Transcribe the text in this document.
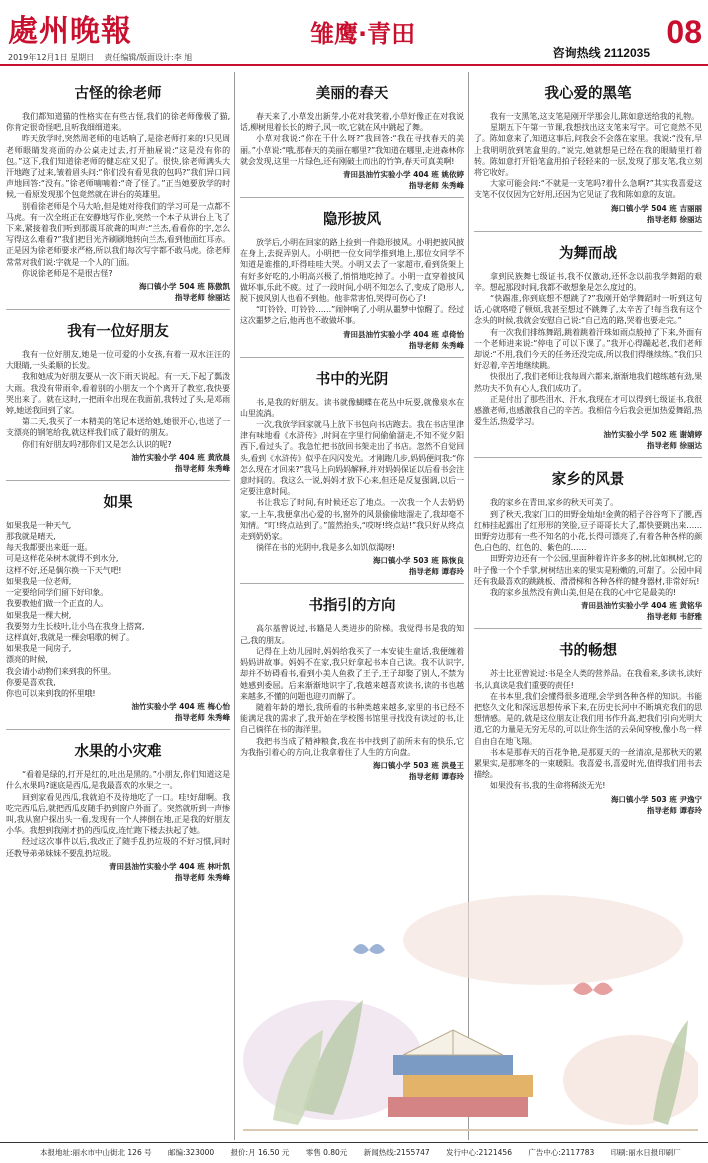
處州晚報	雏鹰·青田	08
咨询热线 2112035
2019年12月1日 星期日 责任编辑/版面设计:李 旭
古怪的徐老师

我们都知道猫的性格实在有些古怪,我们的徐老师像极了猫,你肯定很奇怪吧,且听我细细道来。

昨天放学时,突然周老师的电话响了,是徐老师打来的!只见周老师眼睛发亮面的办公桌走过去,打开抽屉说:“这是没有你的包。”这下,我们知道徐老师的健忘症又犯了。很快,徐老师满头大汗地跑了过来,皱着眉头问:“你们没有看见我的包吗?”我们异口同声地回答:“没有。”徐老师喃喃着:“奇了怪了。”正当她要放学的时候,一看原发现那个包竟然就在讲台的英雄里。

别看徐老师是个马大哈,但是她对待我们的学习可是一点都不马虎。有一次全班正在安静地写作业,突然一个本子从讲台上飞了下来,紧接着我们听到那震耳欲聋的叫声:“兰杰,看看你的字,怎么写得这么难看?”我们把目光齐刷刷地转向兰杰,看到他面红耳赤。正是因为徐老师要求严格,所以我们每次写字都不敢马虎。徐老师常常对我们说:字就是一个人的门面。

你说徐老师是不是很古怪?

海口镇小学 504 班 陈傲凯
指导老师 徐丽达
我有一位好朋友

我有一位好朋友,她是一位可爱的小女孩,有着一双水汪汪的大眼睛,一头柔顺的长发。

我和她成为好朋友要从一次下雨天说起。有一天,下起了瓢泼大雨。我没有带雨伞,看着别的小朋友一个个离开了教室,我快要哭出来了。就在这时,一把雨伞出现在我面前,我转过了头,是邓雨婷,她送我回到了家。

第二天,我买了一本精美的笔记本送给她,她很开心,也送了一支漂亮的钢笔给我,就这样我们成了最好的朋友。

你们有好朋友吗?那你们又是怎么认识的呢?

油竹实验小学 404 班 黄欣晨
指导老师 朱秀峰
如果

如果我是一种天气,

那我就是晴天,

每天我都要出来逛一逛。

可是这样花朵树木就得不到水分,

这样不好,还是偶尔换一下天气吧!

如果我是一位老师,

一定要给同学们留下好印象。

我要教他们做一个正直的人。

如果我是一棵大树,

我要努力生长枝叶,让小鸟在我身上搭窝,

这样真好,我就是一棵会唱歌的树了。

如果我是一间房子,

漂亮的时候,

我会请小动物们来到我的怀里。

你要是喜欢我,

你也可以来到我的怀里哦!

油竹实验小学 404 班 梅心怡
指导老师 朱秀峰
水果的小灾难

“看着是绿的,打开是红的,吐出是黑的。”小朋友,你们知道这是什么水果吗?谜底是西瓜,是我最喜欢的水果之一。

回到家看见西瓜,我就迫不及待地吃了一口。哇!好甜啊。我吃完西瓜后,就把西瓜皮随手扔到窗户外面了。突然就听到一声惨叫,我从窗户探出头一看,发现有一个人摔倒在地,正是我的好朋友小华。我想到我刚才扔的西瓜皮,连忙跑下楼去扶起了她。

经过这次事件以后,我改正了随手乱扔垃圾的不好习惯,同时还教导弟弟妹妹不要乱扔垃圾。

青田县油竹实验小学 404 班 林叶凯
指导老师 朱秀峰
美丽的春天

春天来了,小草发出新芽,小花对我笑着,小草好像正在对我说话,柳树甩着长长的辫子,风一吹,它就在风中跳起了舞。

小草对我说:“你在干什么呀?”我回答:“我在寻找春天的美丽。”小草说:“哦,那春天的美丽在哪里?”我知道在哪里,走进森林你就会发现,这里一片绿色,还有刚破土而出的竹笋,春天可真美啊!

青田县油竹实验小学 404 班 姚依婷
指导老师 朱秀峰
隐形披风

放学后,小明在回家的路上捡到一件隐形披风。小明把披风披在身上,去捉弄别人。小明把一位女同学推到地上,那位女同学不知道是谁推的,吓得哇哇大哭。小明又去了一家超市,看到货架上有好多好吃的,小明高兴极了,悄悄地吃掉了。小明一直穿着披风做坏事,乐此不疲。过了一段时间,小明不知怎么了,变成了隐形人,脱下披风别人也看不到他。他非常害怕,哭得可伤心了!

“叮铃铃、叮铃铃……”闹钟响了,小明从噩梦中惊醒了。经过这次噩梦之后,他再也不敢做坏事。

青田县油竹实验小学 404 班 卓倚怡
指导老师 朱秀峰
书中的光阴

书,是我的好朋友。读书就像蝴蝶在花丛中玩耍,就像泉水在山里流淌。

一次,我放学回家就马上放下书包向书店跑去。我在书店里津津有味地看《水浒传》,时间在字里行间偷偷溜走,不知不觉夕阳西下,看过头了。我急忙把书放回书架走出了书店。忽然不自觉回头,看到《水浒传》似乎在闪闪发光。才刚跑几步,妈妈便问我:“你怎么现在才回来?”我马上向妈妈解释,并对妈妈保证以后看书会注意时间的。我这么一说,妈妈才放下心来,但还是反复强调,以后一定要注意时间。

书让我忘了时间,有时候还忘了地点。一次我一个人去奶奶家,一上车,我便拿出心爱的书,窗外的风景偷偷地溜走了,我却毫不知情。“叮!终点站到了。”篮然抬头,“哎呀!终点站!”我只好从终点走到奶奶家。

徜徉在书的光阴中,我是多么如饥似渴呀!

海口镇小学 503 班 陈恢良
指导老师 谭春玲
书指引的方向

高尔基曾说过,书籍是人类进步的阶梯。我觉得书是我的知己,我的朋友。

记得在上幼儿园时,妈妈给我买了一本安徒生童话,我便缠着妈妈讲故事。妈妈不在家,我只好拿起书本自己读。我不认识字,却并不妨碍看书,看到小美人鱼救了王子,王子却娶了别人,不禁为她感到委屈。后来渐渐地识字了,我越来越喜欢读书,读的书也越来越多,不懂的问题也迎刃而解了。

随着年龄的增长,我所看的书种类越来越多,家里的书已经不能满足我的需求了,我开始在学校图书馆里寻找没有读过的书,让自己徜徉在书的海洋里。

我把书当成了精神粮食,我在书中找到了前所未有的快乐,它为我指引着心的方向,让我拿着住了人生的方向盘。

海口镇小学 503 班 洪曼王
指导老师 谭春玲
我心爱的黑笔

我有一支黑笔,这支笔是刚开学那会儿,陈如意送给我的礼物。

星期五下午第一节课,我想找出这支笔来写字。可它竟然不见了。陈如意来了,知道这事后,问我会不会落在家里。我说:“没有,早上我明明放到笔盒里的。”说完,她就想是已经在我的眼睛里打着转。陈如意打开铅笔盒用拍子轻轻来的一层,发现了那支笔,我立刻将它收好。

大家可能会问:“不就是一支笔吗?着什么急啊?”其实我喜爱这支笔不仅仅因为它好用,还因为它见证了我和陈如意的友谊。

海口镇小学 504 班 吉丽丽
指导老师 徐丽达
为舞而战

拿到民族舞七级证书,我不仅激动,还怀念以前我学舞蹈的艰辛。想起那段时间,我都不敢想象是怎么度过的。

“快踢准,你到底想不想跳了?”我刚开始学舞蹈时一听到这句话,心就咯噔了顿烦,我甚至想过不跳舞了,太辛苦了!每当我有这个念头的时候,我就会安慰自己说:“自己选的路,哭着也要走完。”

有一次我们排练舞蹈,跳着跳着汗珠如雨点般掉了下来,外面有一个老师进来说:“停电了可以下课了。”我开心得蹦起老,我们老师却说:“不用,我们今天的任务还没完成,所以我们得继续练。”我们只好忍着,辛苦地继续跳。

快很出了,我们老师让我每周六都来,渐渐地我们越练越有劲,果然功夫不负有心人,我们成功了。

正是付出了那些泪水、汗水,我现在才可以得到七级证书,我很感激老师,也感激我自己的辛苦。我相信今后我会更加热爱舞蹈,热爱生活,热爱学习。

油竹实验小学 502 班 谢婧婷
指导老师 徐丽达
家乡的风景

我的家乡在青田,家乡的秋天可美了。

到了秋天,我家门口的田野金灿灿!金黄的稻子谷谷弯下了腰,西红柿挂起露出了红形形的笑脸,豆子哥哥长大了,都快要跳出来……田野旁边那有一些不知名的小花,长得可漂亮了,有着各种各样的颜色,白色的、红色的、紫色的……

田野旁边还有一个公园,里面种着许许多多的树,比如枫树,它的叶子像一个个手掌,树树结出来的果实是粉嫩的,可甜了。公园中间还有我最喜欢的跳跳板、滑滑梯和各种各样的健身器材,非常好玩!

我的家乡虽然没有黄山美,但是在我的心中它是最美的!

青田县油竹实验小学 404 班 黄铭华
指导老师 韦舒雅
书的畅想

苏士比亚曾说过:书是全人类的营养品。在我看来,多读书,读好书,认真读是我们重要的责任!

在书本里,我们会懂得很多道理,会学到各种各样的知识。书能把悠久文化和深远思想传承下来,在历史长河中不断填充我们的思想情感。是的,就是这位朋友让我们用书作升高,把我们引向光明大道,它的力量是无穷无尽的,可以让你生活的云朵间穿梭,像小鸟一样自由自在地飞翔。

书本是那春天的百花争艳,是那夏天的一丝清凉,是那秋天的累累果实,是那寒冬的一束暖阳。我喜爱书,喜爱时光,值得我们用书去描绘。

如果没有书,我的生命将稀淡无光!

海口镇小学 503 班 尹逸宁
指导老师 谭春玲
本报地址:丽水市中山街北 126 号 邮编:323000 报价:月 16.50 元 零售 0.80元 新闻热线:2155747 发行中心:2121456 广告中心:2117783 印刷:丽水日报印刷厂
